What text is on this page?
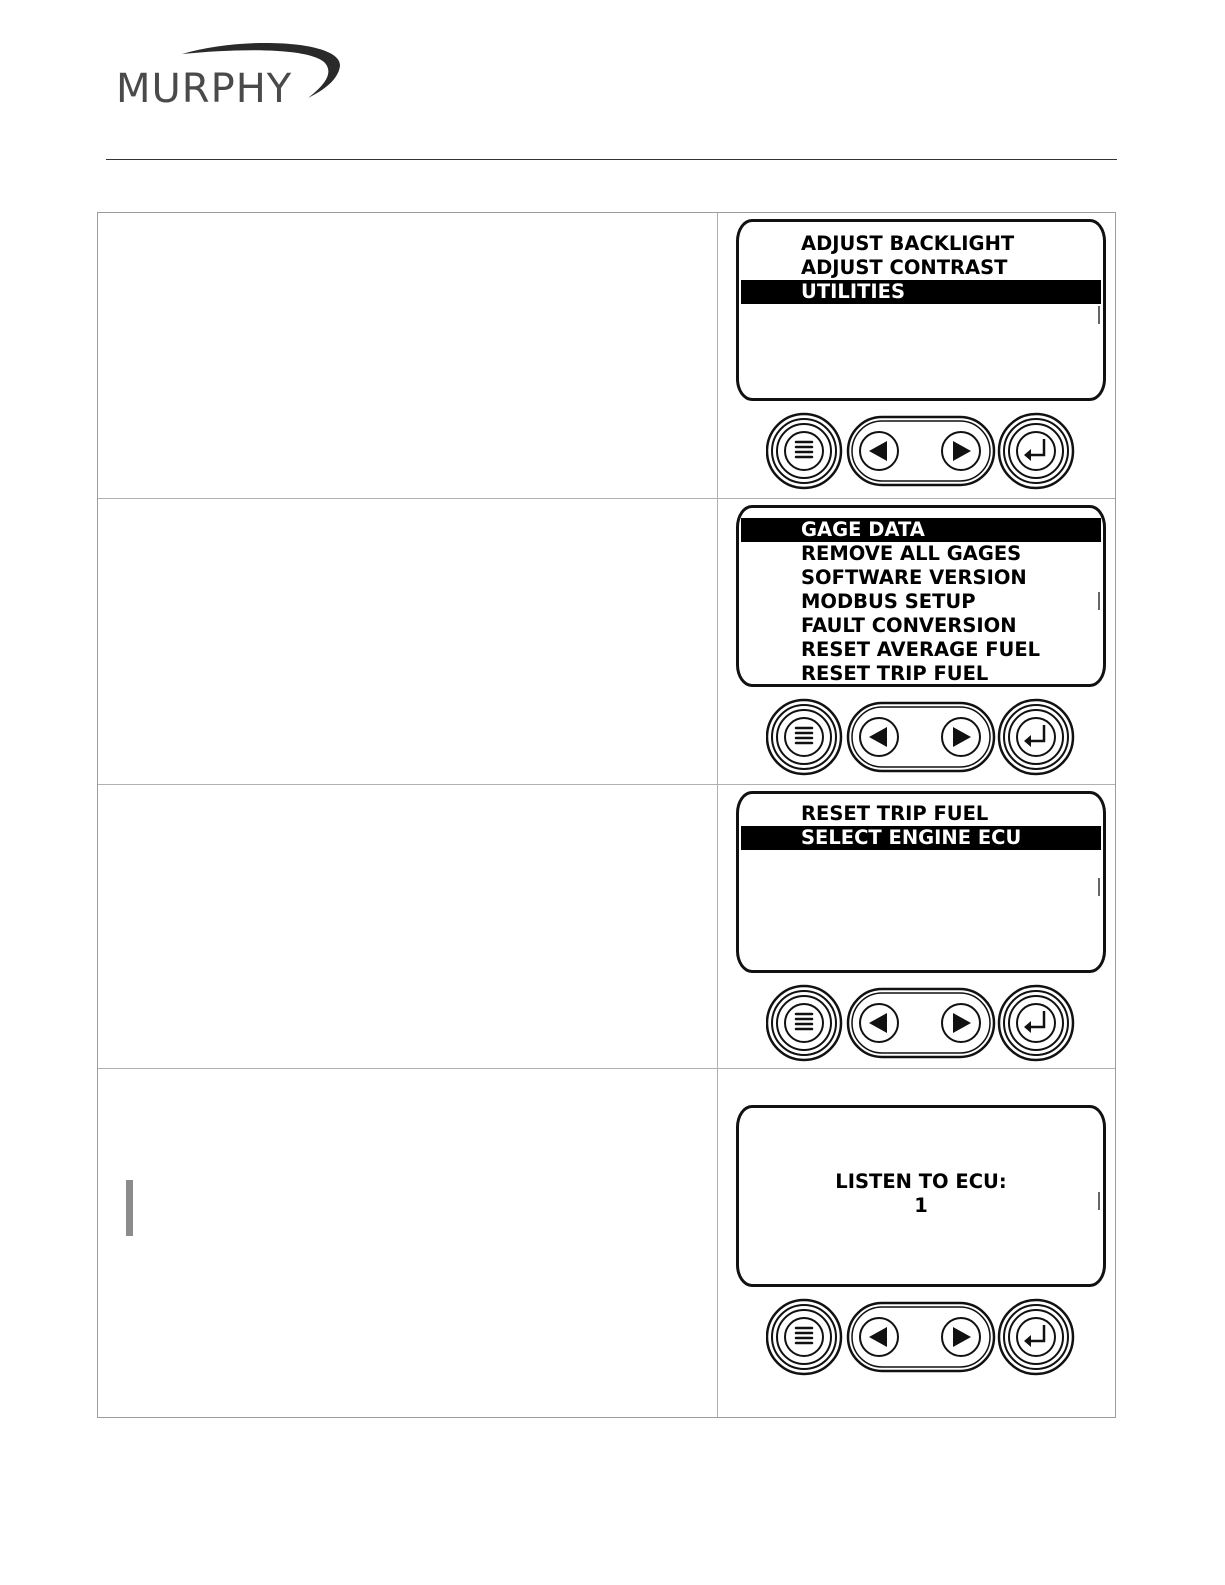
MURPHY
ADJUST BACKLIGHT
ADJUST CONTRAST
UTILITIES
GAGE DATA
REMOVE ALL GAGES
SOFTWARE VERSION
MODBUS SETUP
FAULT CONVERSION
RESET AVERAGE FUEL
RESET TRIP FUEL
RESET TRIP FUEL
SELECT ENGINE ECU
LISTEN TO ECU:
1
